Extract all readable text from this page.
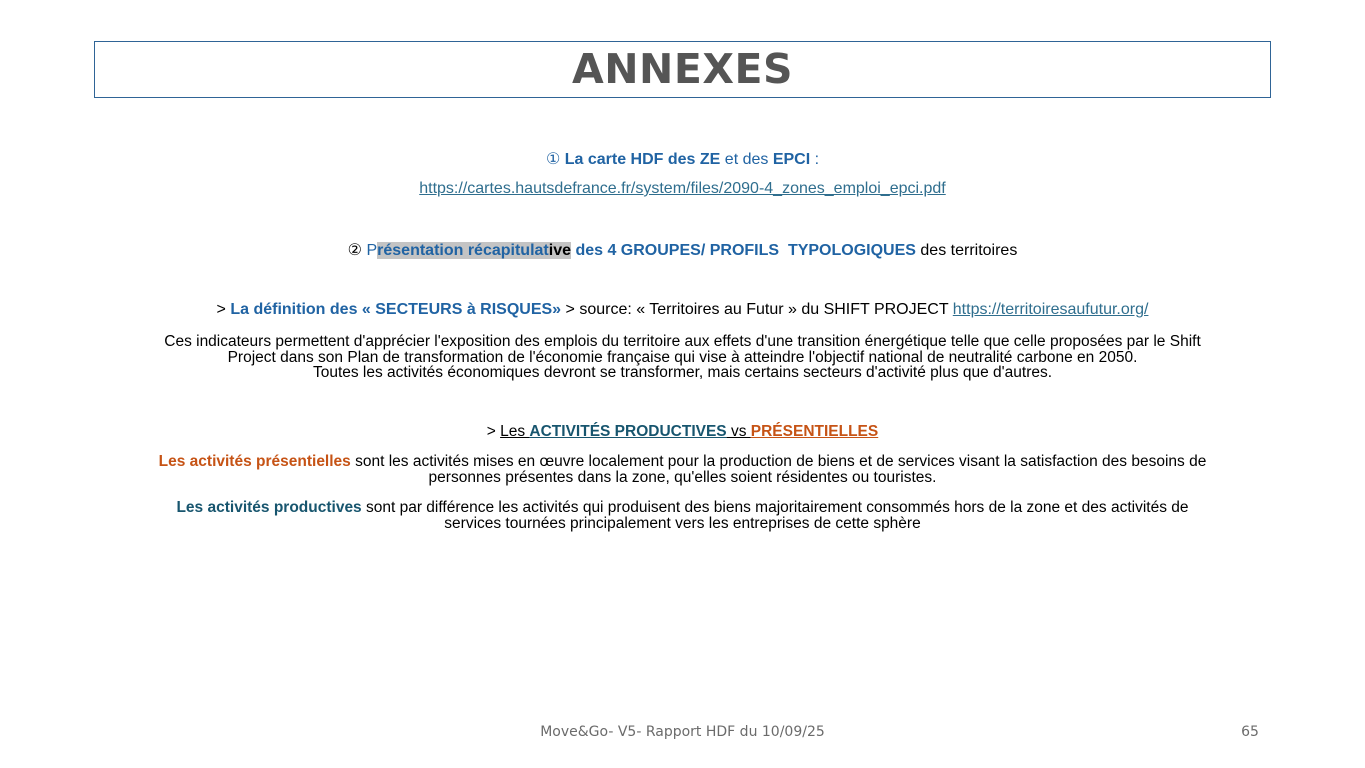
ANNEXES
① La carte HDF des ZE et des EPCI :
https://cartes.hautsdefrance.fr/system/files/2090-4_zones_emploi_epci.pdf
② Présentation récapitulative des 4 GROUPES/ PROFILS  TYPOLOGIQUES des territoires
> La définition des « SECTEURS à RISQUES» > source: « Territoires au Futur » du SHIFT PROJECT https://territoiresaufutur.org/
Ces indicateurs permettent d'apprécier l'exposition des emplois du territoire aux effets d'une transition énergétique telle que celle proposées par le Shift
Project dans son Plan de transformation de l'économie française qui vise à atteindre l'objectif national de neutralité carbone en 2050.
Toutes les activités économiques devront se transformer, mais certains secteurs d'activité plus que d'autres.
> Les ACTIVITÉS PRODUCTIVES vs PRÉSENTIELLES
Les activités présentielles sont les activités mises en œuvre localement pour la production de biens et de services visant la satisfaction des besoins de
personnes présentes dans la zone, qu'elles soient résidentes ou touristes.
Les activités productives sont par différence les activités qui produisent des biens majoritairement consommés hors de la zone et des activités de
services tournées principalement vers les entreprises de cette sphère
Move&Go- V5- Rapport HDF du 10/09/25	65
